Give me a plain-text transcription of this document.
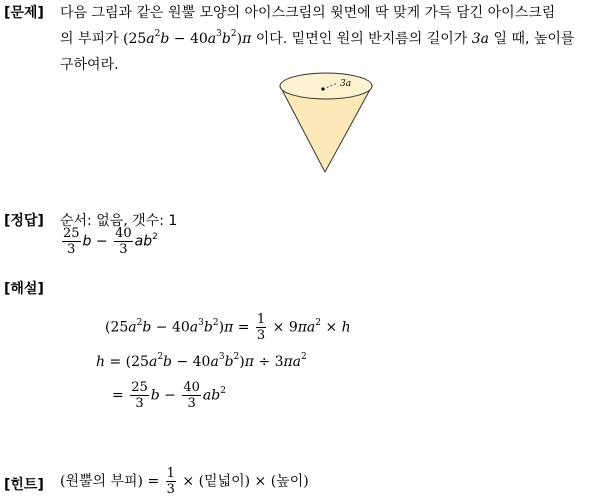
[문제] 다음 그림과 같은 원뿔 모양의 아이스크림의 윗면에 딱 맞게 가득 담긴 아이스크림
의 부피가 $(25a^2b - 40a^3b^2)\pi$ 이다. 밑면인 원의 반지름의 길이가 3a 일 때, 높이를
구하여라.
3a
[정답] 순서: 없음, 갯수: 1
$\frac{25}{3}$ $b - \frac{40}{3} ab^2$
[해설]
$(25a^2b - 40a^3b^2)\pi = \frac{1}{3} \times 9\pi a^2 \times h$
$h = (25a^2b - 40a^3b^2)\pi \div 3\pi a^2$
= $\frac{25}{3}$ $b - \frac{40}{3} ab^2$
[힌트] (원뿔의 부피) = $\frac{1}{3}$ × (밑넓이) × (높이)
